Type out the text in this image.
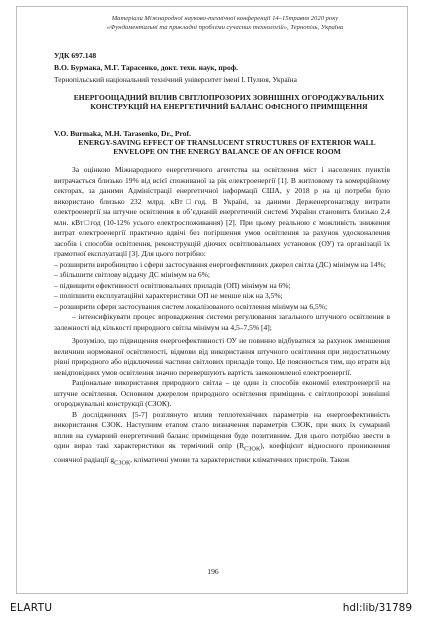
Матеріали Міжнародної науково-технічної конференції 14–15травня 2020 року
«Фундаментальні та прикладні проблеми сучасних технологій», Тернопіль, Україна
УДК 697.148
В.О. Бурмака, М.Г. Тарасенко, докт. техн. наук, проф.
Тернопільський національний технічний університет імені І. Пулюя, Україна
ЕНЕРГООЩАДНИЙ ВПЛИВ СВІТЛОПРОЗОРИХ ЗОВНІШНІХ ОГОРОДЖУВАЛЬНИХ КОНСТРУКЦІЙ НА ЕНЕРГЕТИЧНИЙ БАЛАНС ОФІСНОГО ПРИМІЩЕННЯ
V.O. Burmaka, M.H. Tarasenko, Dr., Prof.
ENERGY-SAVING EFFECT OF TRANSLUCENT STRUCTURES OF EXTERIOR WALL ENVELOPE ON THE ENERGY BALANCE OF AN OFFICE ROOM

За оцінкою Міжнародного енергетичного агентства на освітлення міст і населених пунктів витрачається близько 19% від всієї споживаної за рік електроенергії [1]. В житловому та комерційному секторах, за даними Адміністрації енергетичної інформації США, у 2018 р на ці потреби було використано близько 232 млрд. кВт□год. В Україні, за даними Держенергонагляду витрати електроенергії на штучне освітлення в об’єднаній енергетичній системі України становить близько 2,4 млн. кВт□год (10-12% усього електроспоживання) [2]. При цьому реальною є можливість зниження витрат електроенергії практично вдвічі без погіршення умов освітлення за рахунок удосконалення засобів і способів освітлення, реконструкцій діючих освітлювальних установок (ОУ) та організації їх грамотної експлуатації [3]. Для цього потрібно:

– розширити виробництво і сфери застосування енергоефективних джерел світла (ДС) мінімум на 14%;

– збільшити світлову віддачу ДС мінімум на 6%;

– підвищити ефективності освітлювальних приладів (ОП) мінімум на 6%;

– поліпшити експлуатаційні характеристики ОП не менше ніж на 3,5%;

– розширити сфери застосування систем локалізованого освітлення мінімум на 6,5%;

– інтенсифікувати процес впровадження системи регулювання загального штучного освітлення в залежності від кількості природного світла мінімум на 4,5–7,5% [4];

Зрозуміло, що підвищення енергоефективності ОУ не повинно відбуватися за рахунок зменшення величини нормованої освітленості, відмови від використання штучного освітлення при недостатньому рівні природного або відключенні частини світлових приладів тощо. Це пояснюється тим, що втрати від невідповідних умов освітлення значно перевершують вартість заекономленої електроенергії.

Раціональне використання природного світла – це один із способів економії електроенергії на штучне освітлення. Основним джерелом природного освітлення приміщень є світлопрозорі зовнішні огороджувальні конструкції (СЗОК).

В дослідженнях [5-7] розглянуто вплив теплотехнічних параметрів на енергоефективність використання СЗОК. Наступним етапом стало визначення параметрів СЗОК, при яких їх сумарний вплив на сумарний енергетичний баланс приміщення буде позитивним. Для цього потрібно звести в один вираз такі характеристики як термічний опір $(R_{СЗОК})$, коефіцієнт відносного проникнення сонячної радіації $g_{СЗОК}$, кліматичні умови та характеристики кліматичних пристроїв. Також

196
ELARTU	hdl:lib/31789
